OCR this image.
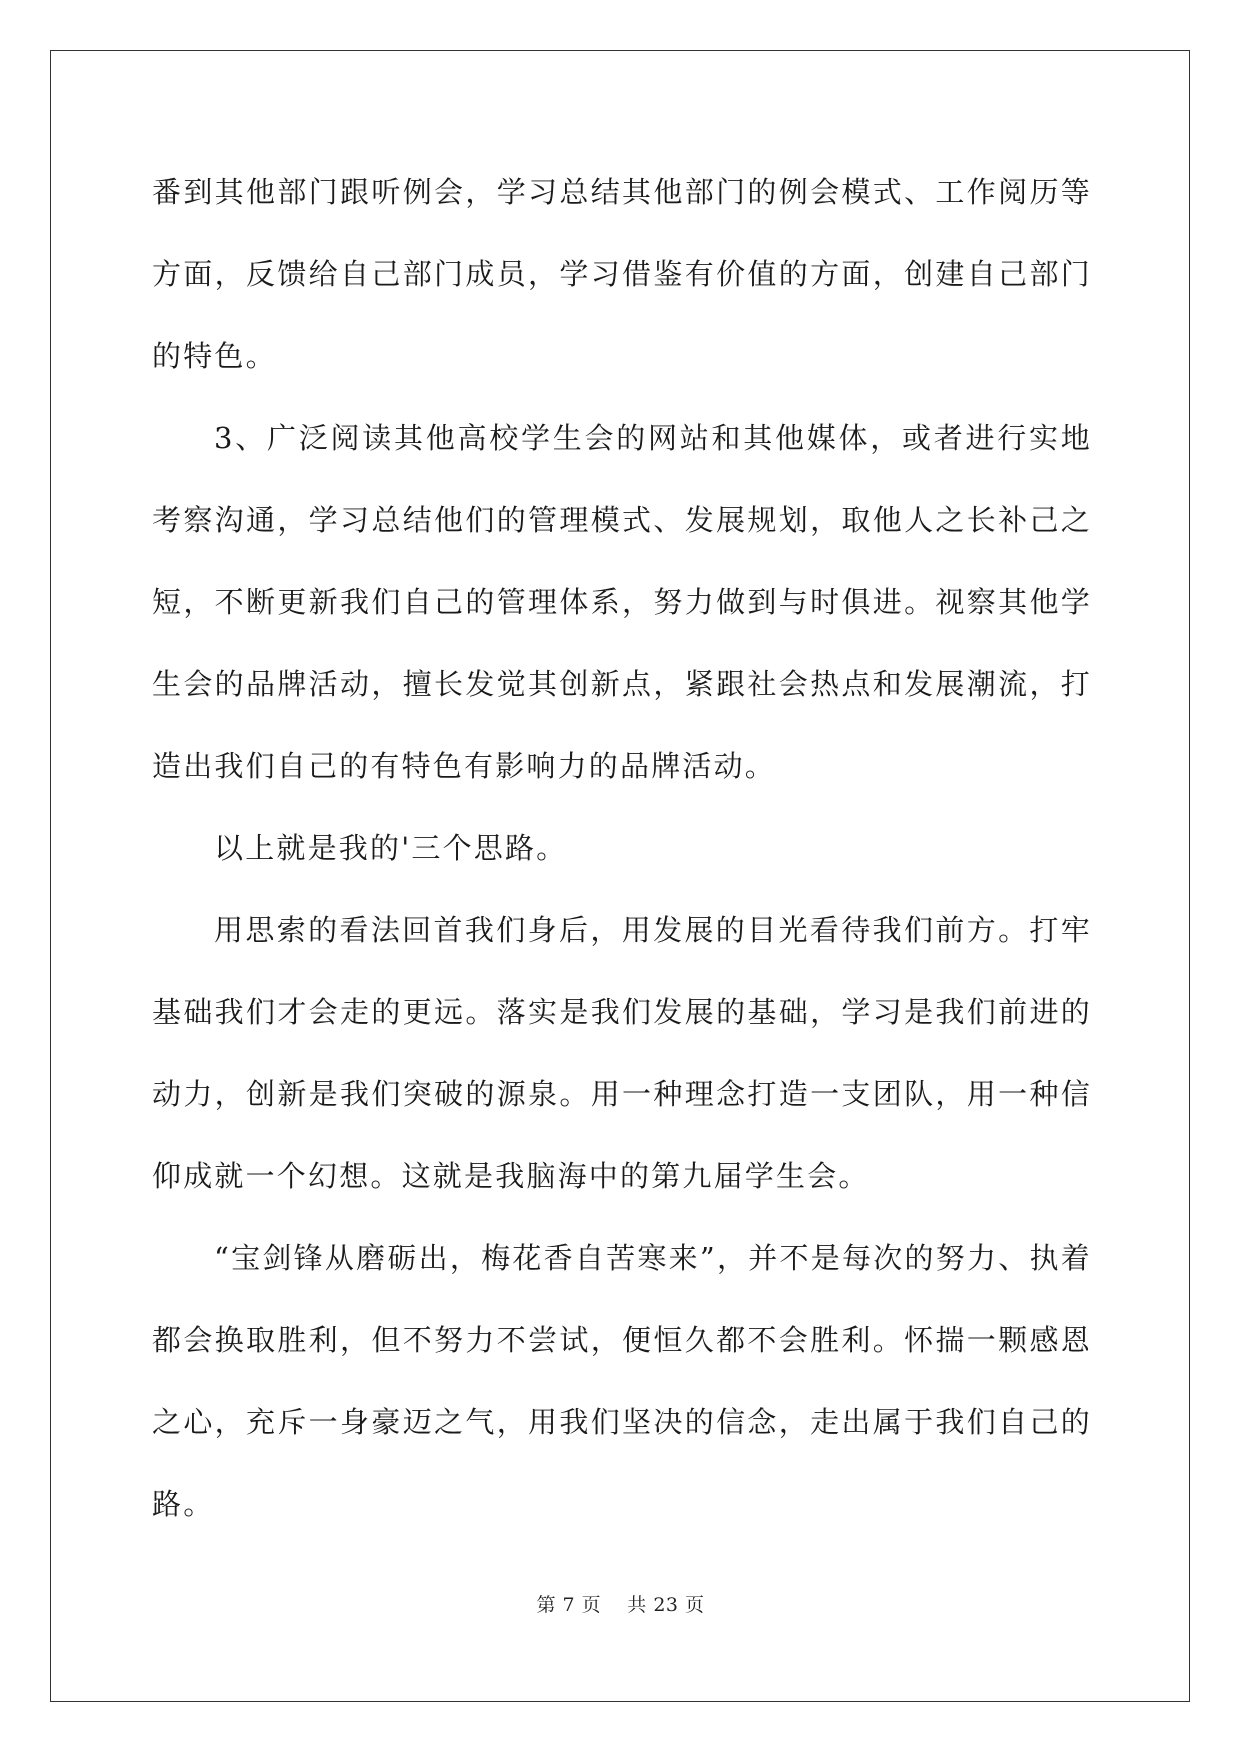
番到其他部门跟听例会，学习总结其他部门的例会模式、工作阅历等方面，反馈给自己部门成员，学习借鉴有价值的方面，创建自己部门的特色。

3、广泛阅读其他高校学生会的网站和其他媒体，或者进行实地考察沟通，学习总结他们的管理模式、发展规划，取他人之长补己之短，不断更新我们自己的管理体系，努力做到与时俱进。视察其他学生会的品牌活动，擅长发觉其创新点，紧跟社会热点和发展潮流，打造出我们自己的有特色有影响力的品牌活动。

以上就是我的'三个思路。

用思索的看法回首我们身后，用发展的目光看待我们前方。打牢基础我们才会走的更远。落实是我们发展的基础，学习是我们前进的动力，创新是我们突破的源泉。用一种理念打造一支团队，用一种信仰成就一个幻想。这就是我脑海中的第九届学生会。

“宝剑锋从磨砺出，梅花香自苦寒来”，并不是每次的努力、执着都会换取胜利，但不努力不尝试，便恒久都不会胜利。怀揣一颗感恩之心，充斥一身豪迈之气，用我们坚决的信念，走出属于我们自己的路。

第 7 页    共 23 页
